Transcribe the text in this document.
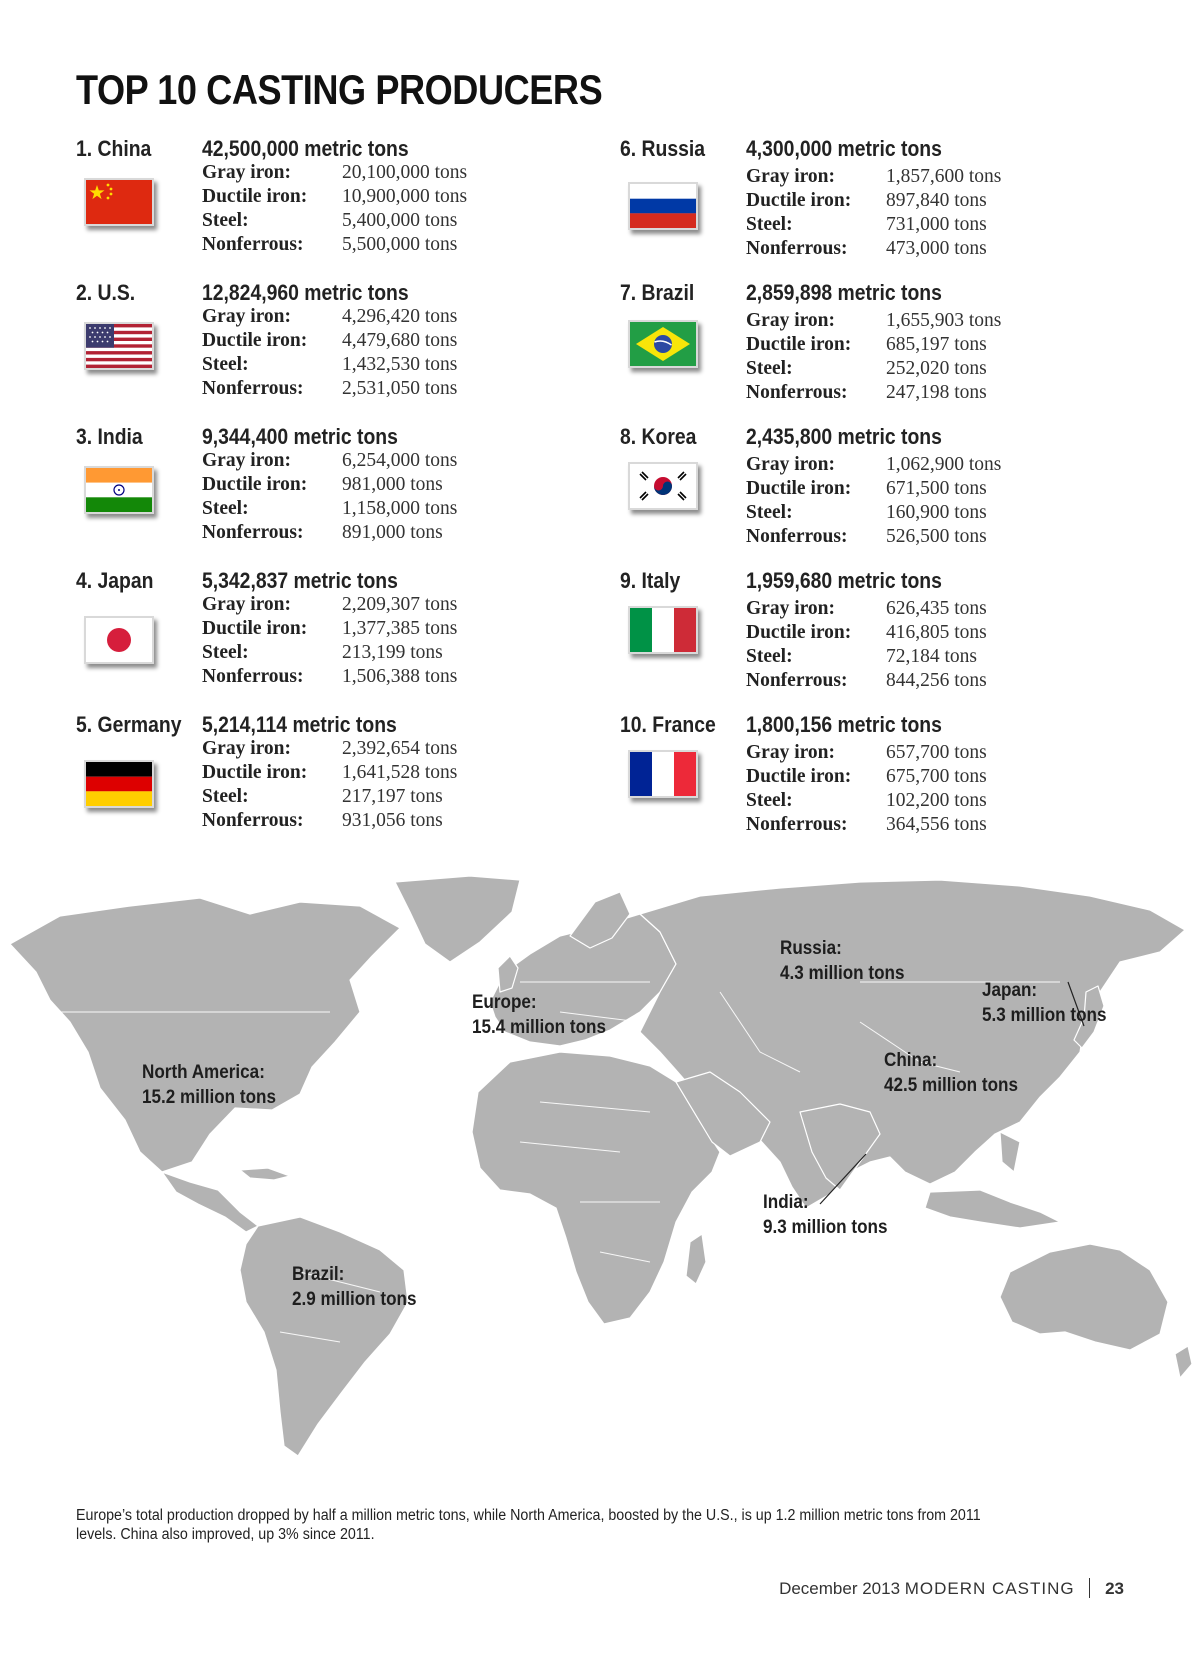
TOP 10 CASTING PRODUCERS
1. China 42,500,000 metric tons
Gray iron:	20,100,000 tons
Ductile iron: 10,900,000 tons
Steel:	5,400,000 tons
Nonferrous: 5,500,000 tons
2. U.S.	12,824,960 metric tons
Gray iron:	4,296,420 tons
Ductile iron: 4,479,680 tons
Steel:	1,432,530 tons
Nonferrous: 2,531,050 tons
3. India	9,344,400 metric tons
Gray iron:	6,254,000 tons
Ductile iron: 981,000 tons
Steel:	1,158,000 tons
Nonferrous: 891,000 tons
4. Japan 5,342,837 metric tons
Gray iron:	2,209,307 tons
Ductile iron: 1,377,385 tons
Steel:	213,199 tons
Nonferrous: 1,506,388 tons
5. Germany 5,214,114 metric tons
Gray iron:	2,392,654 tons
Ductile iron: 1,641,528 tons
Steel:	217,197 tons
Nonferrous: 931,056 tons
6. Russia 4,300,000 metric tons
Gray iron:	1,857,600 tons
Ductile iron: 897,840 tons
Steel:	731,000 tons
Nonferrous: 473,000 tons
7. Brazil 2,859,898 metric tons
Gray iron:	1,655,903 tons
Ductile iron: 685,197 tons
Steel:	252,020 tons
Nonferrous: 247,198 tons
8. Korea 2,435,800 metric tons
Gray iron:	1,062,900 tons
Ductile iron: 671,500 tons
Steel:	160,900 tons
Nonferrous: 526,500 tons
9. Italy	1,959,680 metric tons
Gray iron:	626,435 tons
Ductile iron: 416,805 tons
Steel:	72,184 tons
Nonferrous: 844,256 tons
10. France 1,800,156 metric tons
Gray iron:	657,700 tons
Ductile iron: 675,700 tons
Steel:	102,200 tons
Nonferrous: 364,556 tons
North America:
15.2 million tons
Europe:
15.4 million tons
Russia:
4.3 million tons
Japan:
5.3 million tons
China:
42.5 million tons
India:
9.3 million tons
Brazil:
2.9 million tons
Europe’s total production dropped by half a million metric tons, while North America, boosted by the U.S., is up 1.2 million metric tons from 2011 levels. China also improved, up 3% since 2011.
December 2013 MODERN CASTING 23
